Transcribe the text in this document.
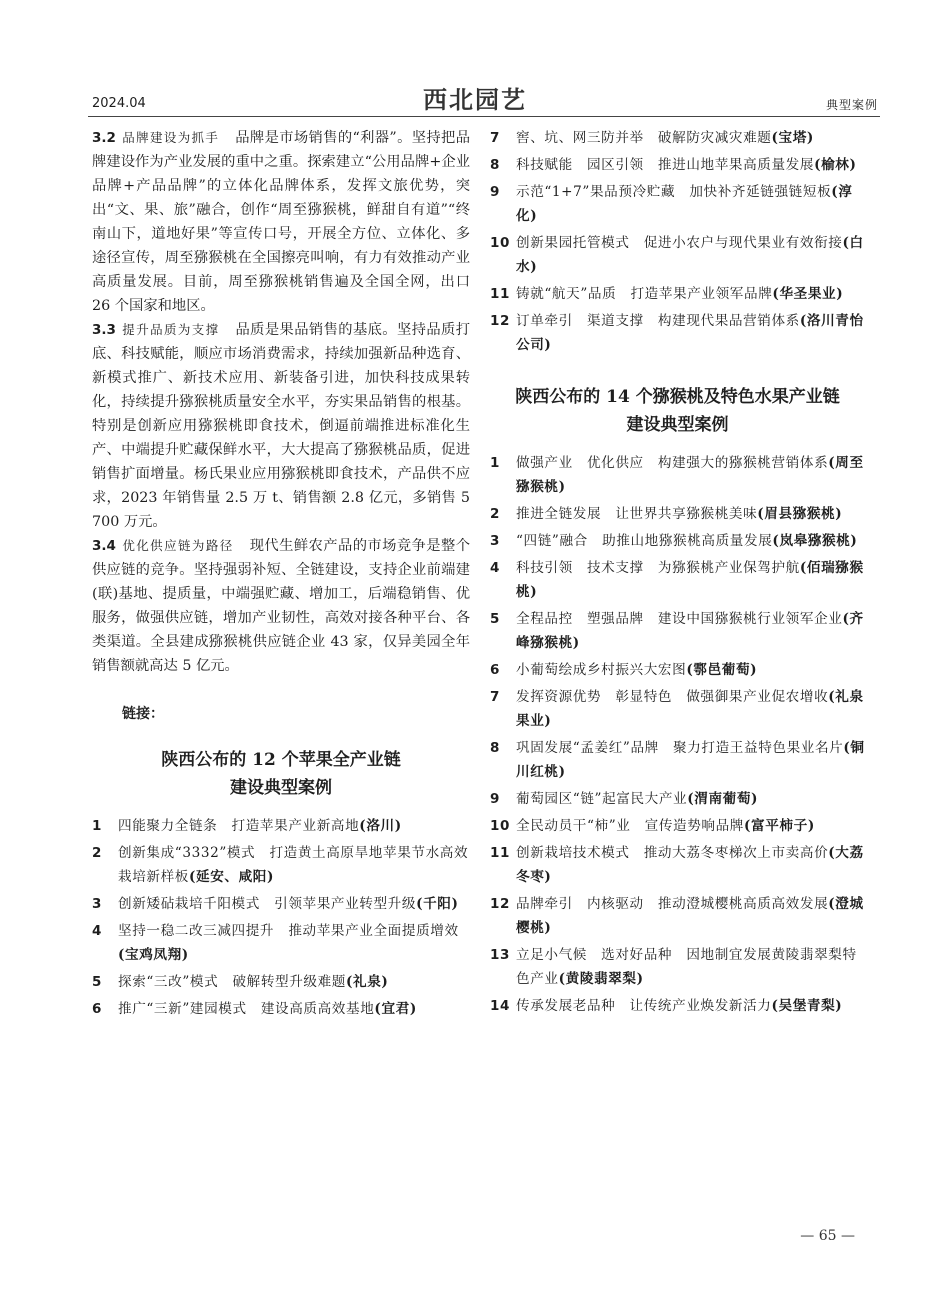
2024.04	西北园艺	典型案例

3.2 品牌建设为抓手 品牌是市场销售的“利器”。坚持把品牌建设作为产业发展的重中之重。探索建立“公用品牌+企业品牌+产品品牌”的立体化品牌体系，发挥文旅优势，突出“文、果、旅”融合，创作“周至猕猴桃，鲜甜自有道”“终南山下，道地好果”等宣传口号，开展全方位、立体化、多途径宣传，周至猕猴桃在全国擦亮叫响，有力有效推动产业高质量发展。目前，周至猕猴桃销售遍及全国全网，出口 26 个国家和地区。

3.3 提升品质为支撑 品质是果品销售的基底。坚持品质打底、科技赋能，顺应市场消费需求，持续加强新品种选育、新模式推广、新技术应用、新装备引进，加快科技成果转化，持续提升猕猴桃质量安全水平，夯实果品销售的根基。特别是创新应用猕猴桃即食技术，倒逼前端推进标准化生产、中端提升贮藏保鲜水平，大大提高了猕猴桃品质，促进销售扩面增量。杨氏果业应用猕猴桃即食技术，产品供不应求，2023 年销售量 2.5 万 t、销售额 2.8 亿元，多销售 5 700 万元。

3.4 优化供应链为路径 现代生鲜农产品的市场竞争是整个供应链的竞争。坚持强弱补短、全链建设，支持企业前端建(联)基地、提质量，中端强贮藏、增加工，后端稳销售、优服务，做强供应链，增加产业韧性，高效对接各种平台、各类渠道。全县建成猕猴桃供应链企业 43 家，仅异美园全年销售额就高达 5 亿元。

链接：
陕西公布的 12 个苹果全产业链
建设典型案例
1 四能聚力全链条　打造苹果产业新高地(洛川)
2 创新集成“3332”模式　打造黄土高原旱地苹果节水高效栽培新样板(延安、咸阳)
3 创新矮砧栽培千阳模式　引领苹果产业转型升级(千阳)
4 坚持一稳二改三减四提升　推动苹果产业全面提质增效(宝鸡凤翔)
5 探索“三改”模式　破解转型升级难题(礼泉)
6 推广“三新”建园模式　建设高质高效基地(宜君)
7 窖、坑、网三防并举　破解防灾减灾难题(宝塔)
8 科技赋能　园区引领　推进山地苹果高质量发展(榆林)
9 示范“1+7”果品预冷贮藏　加快补齐延链强链短板(淳化)
10 创新果园托管模式　促进小农户与现代果业有效衔接(白水)
11 铸就“航天”品质　打造苹果产业领军品牌(华圣果业)
12 订单牵引　渠道支撑　构建现代果品营销体系(洛川青怡公司)
陕西公布的 14 个猕猴桃及特色水果产业链
建设典型案例
1 做强产业　优化供应　构建强大的猕猴桃营销体系(周至猕猴桃)
2 推进全链发展　让世界共享猕猴桃美味(眉县猕猴桃)
3 “四链”融合　助推山地猕猴桃高质量发展(岚皋猕猴桃)
4 科技引领　技术支撑　为猕猴桃产业保驾护航(佰瑞猕猴桃)
5 全程品控　塑强品牌　建设中国猕猴桃行业领军企业(齐峰猕猴桃)
6 小葡萄绘成乡村振兴大宏图(鄠邑葡萄)
7 发挥资源优势　彰显特色　做强御果产业促农增收(礼泉果业)
8 巩固发展“孟姜红”品牌　聚力打造王益特色果业名片(铜川红桃)
9 葡萄园区“链”起富民大产业(渭南葡萄)
10 全民动员干“柿”业　宣传造势响品牌(富平柿子)
11 创新栽培技术模式　推动大荔冬枣梯次上市卖高价(大荔冬枣)
12 品牌牵引　内核驱动　推动澄城樱桃高质高效发展(澄城樱桃)
13 立足小气候　选对好品种　因地制宜发展黄陵翡翠梨特色产业(黄陵翡翠梨)
14 传承发展老品种　让传统产业焕发新活力(吴堡青梨)
— 65 —
